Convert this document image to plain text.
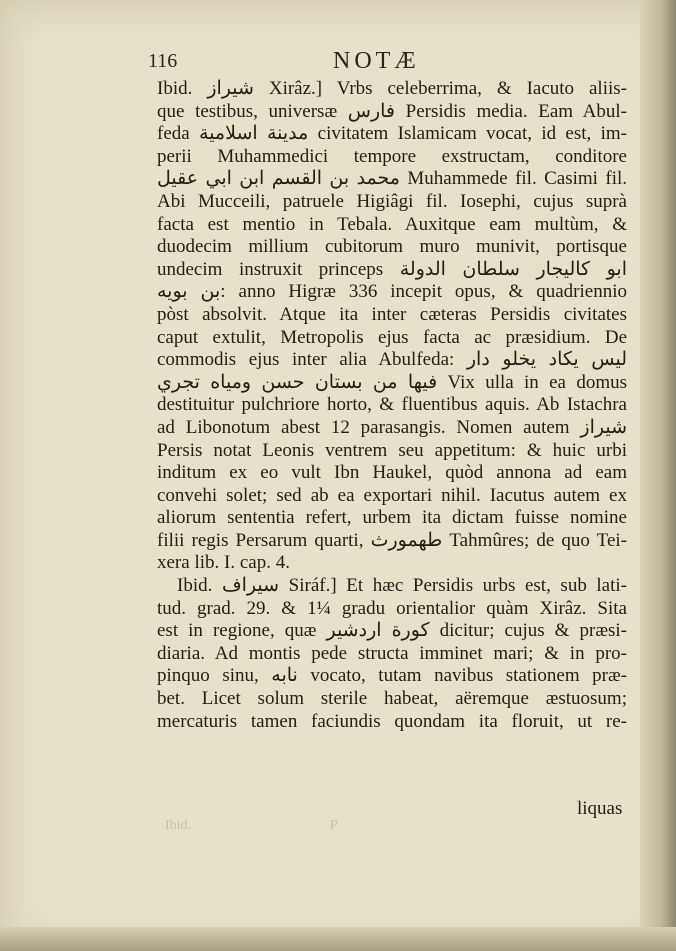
116	NOTÆ
Ibid. شيراز Xirâz.] Vrbs celeberrima, & Iacuto aliis-
que testibus, universæ فارس Persidis media. Eam Abul-
feda مدينة اسلامية civitatem Islamicam vocat, id est, im-
perii Muhammedici tempore exstructam, conditore
محمد بن القسم ابن ابي عقيل Muhammede fil. Casimi fil.
Abi Mucceili, patruele Higiâgi fil. Iosephi, cujus suprà
facta est mentio in Tebala. Auxitque eam multùm, &
duodecim millium cubitorum muro munivit, portisque
undecim instruxit princeps ابو كاليجار سلطان الدولة
بن بويه: anno Higræ 336 incepit opus, & quadriennio
pòst absolvit. Atque ita inter cæteras Persidis civitates
caput extulit, Metropolis ejus facta ac præsidium. De
commodis ejus inter alia Abulfeda: ليس يكاد يخلو دار
فيها من بستان حسن ومياه تجري Vix ulla in ea domus
destituitur pulchriore horto, & fluentibus aquis. Ab Istachra
ad Libonotum abest 12 parasangis. Nomen autem شيراز
Persis notat Leonis ventrem seu appetitum: & huic urbi
inditum ex eo vult Ibn Haukel, quòd annona ad eam
convehi solet; sed ab ea exportari nihil. Iacutus autem ex
aliorum sententia refert, urbem ita dictam fuisse nomine
filii regis Persarum quarti, طهمورث Tahmûres; de quo Tei-
xera lib. I. cap. 4.
Ibid. سيراف Siráf.] Et hæc Persidis urbs est, sub lati-
tud. grad. 29. & 1¼ gradu orientalior quàm Xirâz. Sita
est in regione, quæ كورة اردشير dicitur; cujus & præsi-
diaria. Ad montis pede structa imminet mari; & in pro-
pinquo sinu, نابه vocato, tutam navibus stationem præ-
bet. Licet solum sterile habeat, aëremque æstuosum;
mercaturis tamen faciundis quondam ita floruit, ut re-
liquas
Ibid.	P
